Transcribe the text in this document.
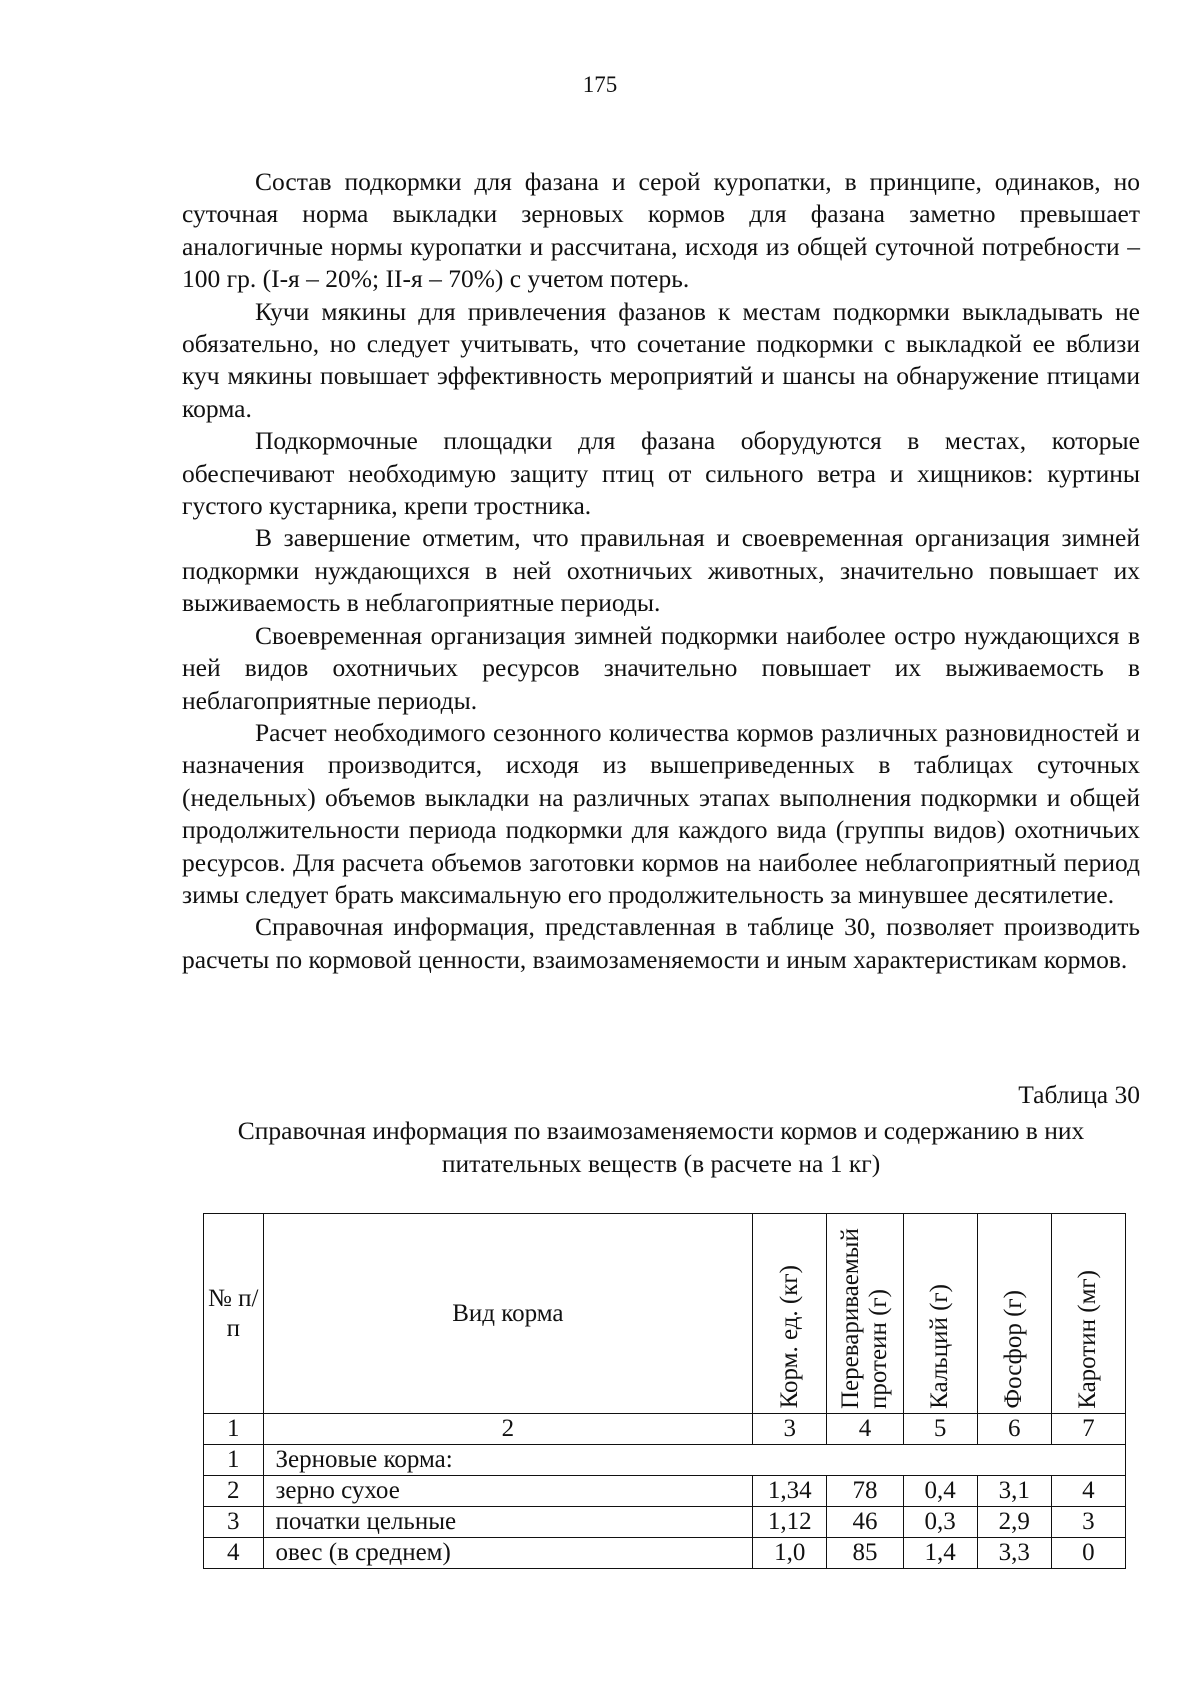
175

Состав подкормки для фазана и серой куропатки, в принципе, одинаков, но суточная норма выкладки зерновых кормов для фазана заметно превышает аналогичные нормы куропатки и рассчитана, исходя из общей суточной потребности – 100 гр. (I-я – 20%; II-я – 70%) с учетом потерь.

Кучи мякины для привлечения фазанов к местам подкормки выкладывать не обязательно, но следует учитывать, что сочетание подкормки с выкладкой ее вблизи куч мякины повышает эффективность мероприятий и шансы на обнаружение птицами корма.

Подкормочные площадки для фазана оборудуются в местах, которые обеспечивают необходимую защиту птиц от сильного ветра и хищников: куртины густого кустарника, крепи тростника.

В завершение отметим, что правильная и своевременная организация зимней подкормки нуждающихся в ней охотничьих животных, значительно повышает их выживаемость в неблагоприятные периоды.

Своевременная организация зимней подкормки наиболее остро нуждающихся в ней видов охотничьих ресурсов значительно повышает их выживаемость в неблагоприятные периоды.

Расчет необходимого сезонного количества кормов различных разновидностей и назначения производится, исходя из вышеприведенных в таблицах суточных (недельных) объемов выкладки на различных этапах выполнения подкормки и общей продолжительности периода подкормки для каждого вида (группы видов) охотничьих ресурсов. Для расчета объемов заготовки кормов на наиболее неблагоприятный период зимы следует брать максимальную его продолжительность за минувшее десятилетие.

Справочная информация, представленная в таблице 30, позволяет производить расчеты по кормовой ценности, взаимозаменяемости и иным характеристикам кормов.

Таблица 30
Справочная информация по взаимозаменяемости кормов и содержанию в них питательных веществ (в расчете на 1 кг)
№ п/п	Вид корма	Корм. ед. (кг)	Перевариваемый протеин (г)	Кальций (г)	Фосфор (г)	Каротин (мг)

1	2	3	4	5	6	7
1	Зерновые корма:					
2	зерно сухое	1,34	78	0,4	3,1	4
3	початки цельные	1,12	46	0,3	2,9	3
4	овес (в среднем)	1,0	85	1,4	3,3	0
